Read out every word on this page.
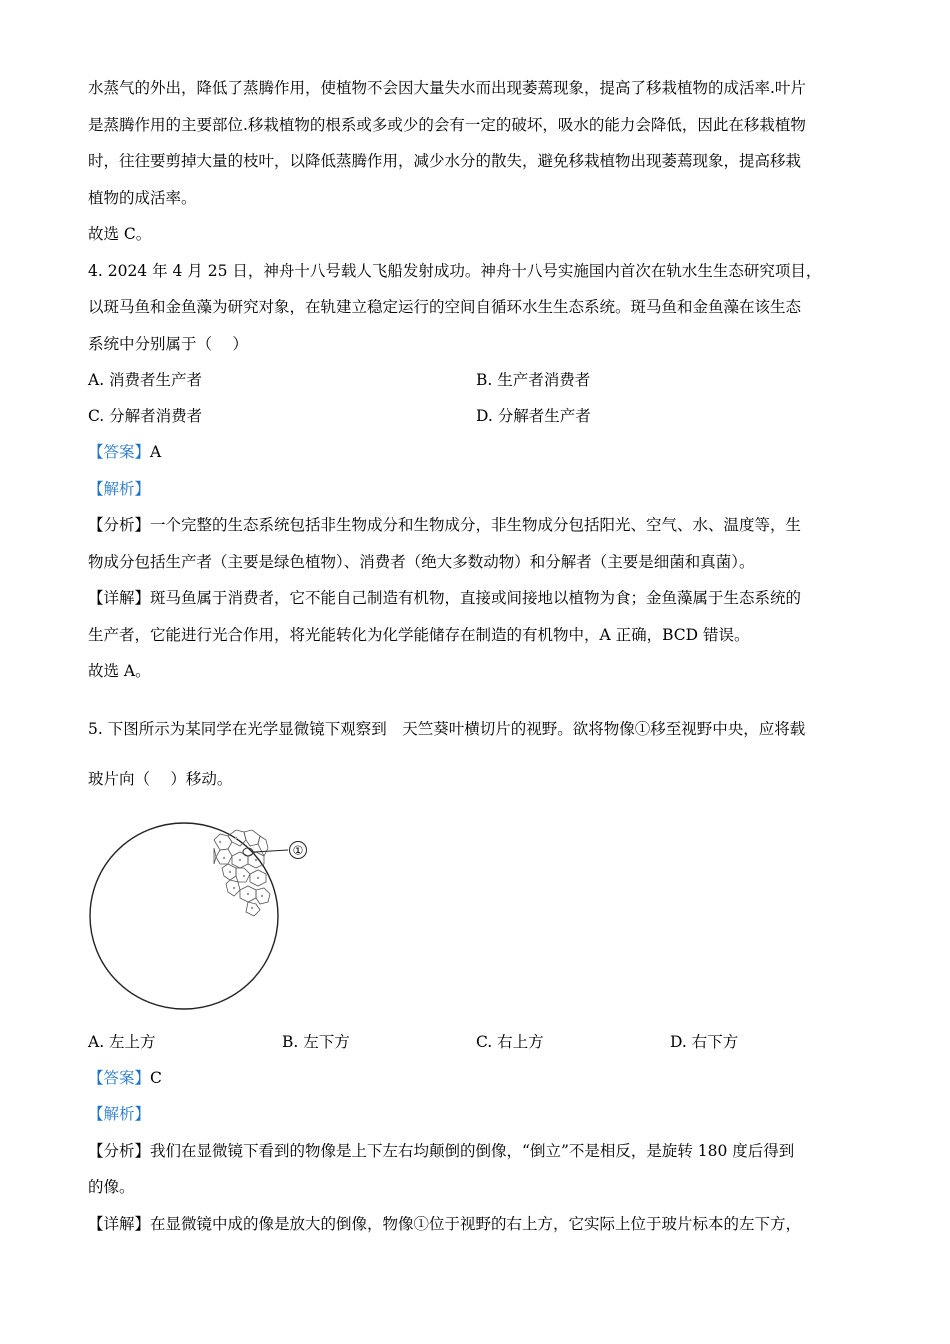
水蒸气的外出，降低了蒸腾作用，使植物不会因大量失水而出现萎蔫现象，提高了移栽植物的成活率.叶片
是蒸腾作用的主要部位.移栽植物的根系或多或少的会有一定的破坏，吸水的能力会降低，因此在移栽植物
时，往往要剪掉大量的枝叶，以降低蒸腾作用，减少水分的散失，避免移栽植物出现萎蔫现象，提高移栽
植物的成活率。
故选 C。
4. 2024 年 4 月 25 日，神舟十八号载人飞船发射成功。神舟十八号实施国内首次在轨水生生态研究项目，
以斑马鱼和金鱼藻为研究对象，在轨建立稳定运行的空间自循环水生生态系统。斑马鱼和金鱼藻在该生态
系统中分别属于（　 ）
A. 消费者生产者	B. 生产者消费者
C. 分解者消费者	D. 分解者生产者
【答案】A
【解析】
【分析】一个完整的生态系统包括非生物成分和生物成分，非生物成分包括阳光、空气、水、温度等，生
物成分包括生产者（主要是绿色植物）、消费者（绝大多数动物）和分解者（主要是细菌和真菌）。
【详解】斑马鱼属于消费者，它不能自己制造有机物，直接或间接地以植物为食；金鱼藻属于生态系统的
生产者，它能进行光合作用，将光能转化为化学能储存在制造的有机物中，A 正确，BCD 错误。
故选 A。
5. 下图所示为某同学在光学显微镜下观察到　天竺葵叶横切片的视野。欲将物像①移至视野中央，应将载
玻片向（　 ）移动。
①
A. 左上方	B. 左下方	C. 右上方	D. 右下方
【答案】C
【解析】
【分析】我们在显微镜下看到的物像是上下左右均颠倒的倒像，“倒立”不是相反，是旋转 180 度后得到
的像。
【详解】在显微镜中成的像是放大的倒像，物像①位于视野的右上方，它实际上位于玻片标本的左下方，
